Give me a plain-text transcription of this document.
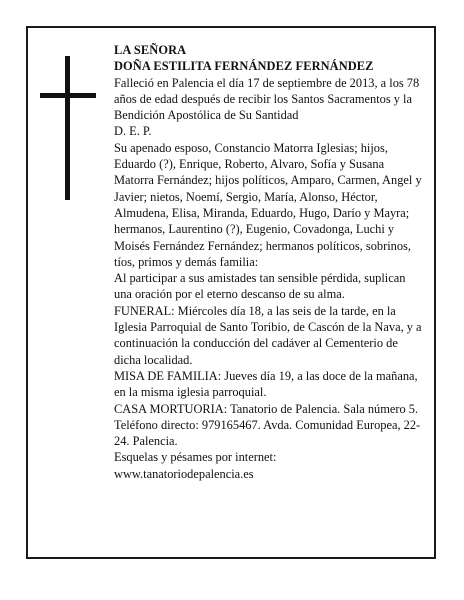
LA SEÑORA

DOÑA ESTILITA FERNÁNDEZ FERNÁNDEZ

Falleció en Palencia el día 17 de septiembre de 2013, a los 78 años de edad después de recibir los Santos Sacramentos y la Bendición Apostólica de Su Santidad

D. E. P.

Su apenado esposo, Constancio Matorra Iglesias; hijos, Eduardo (?), Enrique, Roberto, Alvaro, Sofía y Susana Matorra Fernández; hijos políticos, Amparo, Carmen, Angel y Javier; nietos, Noemí, Sergio, María, Alonso, Héctor, Almudena, Elisa, Miranda, Eduardo, Hugo, Darío y Mayra; hermanos, Laurentino (?), Eugenio, Covadonga, Luchi y Moisés Fernández Fernández; hermanos políticos, sobrinos, tíos, primos y demás familia:

Al participar a sus amistades tan sensible pérdida, suplican una oración por el eterno descanso de su alma.

FUNERAL: Miércoles día 18, a las seis de la tarde, en la Iglesia Parroquial de Santo Toribio, de Cascón de la Nava, y a continuación la conducción del cadáver al Cementerio de dicha localidad.

MISA DE FAMILIA: Jueves día 19, a las doce de la mañana, en la misma iglesia parroquial.

CASA MORTUORIA: Tanatorio de Palencia. Sala número 5. Teléfono directo: 979165467. Avda. Comunidad Europea, 22-24. Palencia.

Esquelas y pésames por internet:

www.tanatoriodepalencia.es
